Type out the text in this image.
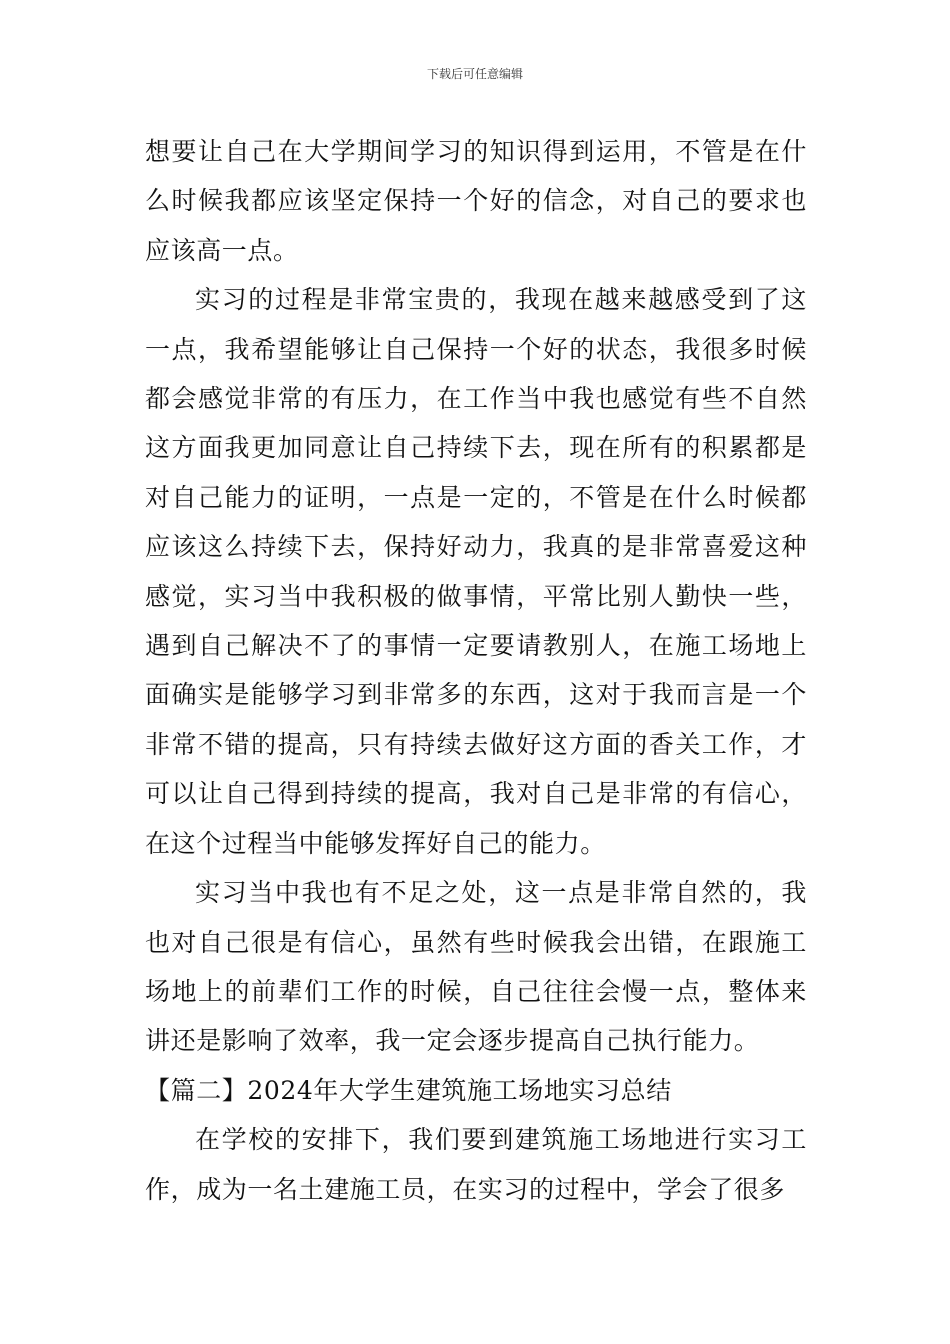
下载后可任意编辑

想要让自己在大学期间学习的知识得到运用，不管是在什么时候我都应该坚定保持一个好的信念，对自己的要求也应该高一点。

实习的过程是非常宝贵的，我现在越来越感受到了这一点，我希望能够让自己保持一个好的状态，我很多时候都会感觉非常的有压力，在工作当中我也感觉有些不自然这方面我更加同意让自己持续下去，现在所有的积累都是对自己能力的证明，一点是一定的，不管是在什么时候都应该这么持续下去，保持好动力，我真的是非常喜爱这种感觉，实习当中我积极的做事情，平常比别人勤快一些，遇到自己解决不了的事情一定要请教别人，在施工场地上面确实是能够学习到非常多的东西，这对于我而言是一个非常不错的提高，只有持续去做好这方面的香关工作，才可以让自己得到持续的提高，我对自己是非常的有信心，在这个过程当中能够发挥好自己的能力。

实习当中我也有不足之处，这一点是非常自然的，我也对自己很是有信心，虽然有些时候我会出错，在跟施工场地上的前辈们工作的时候，自己往往会慢一点，整体来讲还是影响了效率，我一定会逐步提高自己执行能力。

【篇二】2024年大学生建筑施工场地实习总结

在学校的安排下，我们要到建筑施工场地进行实习工作，成为一名土建施工员，在实习的过程中，学会了很多
